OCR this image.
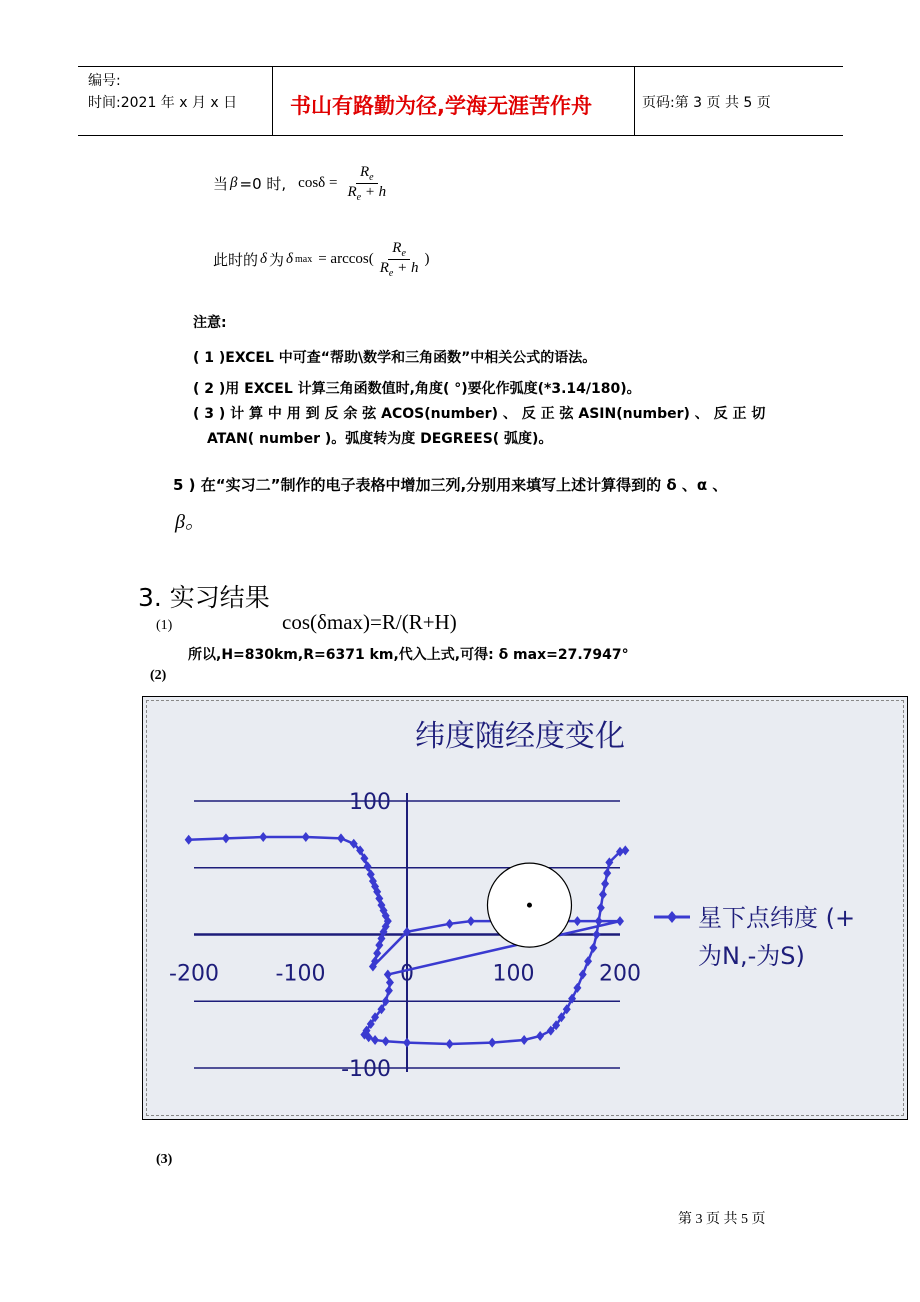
编号:
时间:2021 年 x 月 x 日	书山有路勤为径,学海无涯苦作舟	页码:第 3 页 共 5 页
当 β =0 时, $\cos\delta = \frac{R_e}{R_e + h}$
此时的 δ 为 δ $\max = \arccos( \frac{R_e}{R_e + h}$ )
注意:
( 1 )EXCEL 中可查“帮助\数学和三角函数”中相关公式的语法。
( 2 )用 EXCEL 计算三角函数值时,角度( °)要化作弧度(*3.14/180)。
( 3 ) 计 算 中 用 到 反 余 弦 ACOS(number) 、 反 正 弦 ASIN(number) 、 反 正 切
ATAN( number )。弧度转为度 DEGREES( 弧度)。
5 ) 在“实习二”制作的电子表格中增加三列,分别用来填写上述计算得到的 δ 、α 、
β。
3. 实习结果
(1)	cos(δmax)=R/(R+H)
所以,H=830km,R=6371 km,代入上式,可得: δ max=27.7947°
(2)
纬度随经度变化
-200	-100	0	100	200
100
-100
星下点纬度 (+
为N,-为S)
(3)
第 3 页 共 5 页
